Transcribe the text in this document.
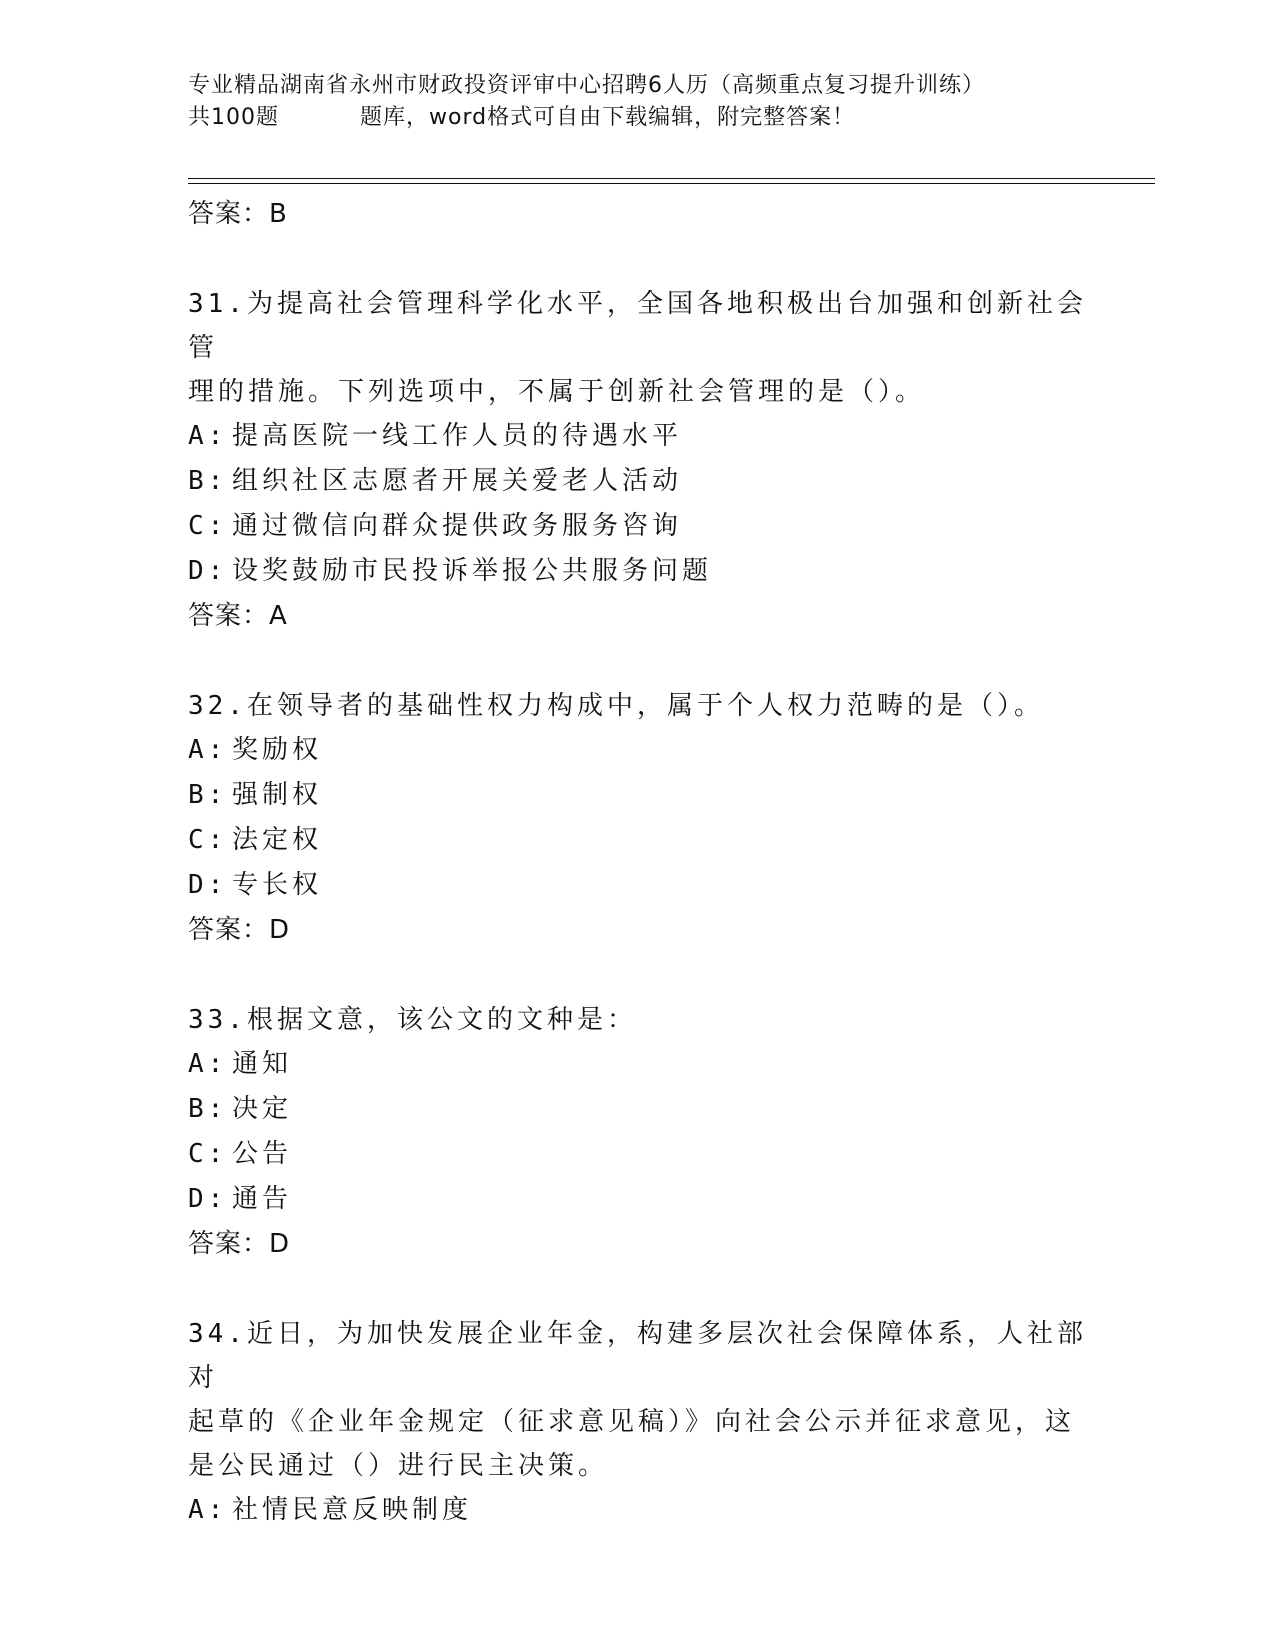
专业精品湖南省永州市财政投资评审中心招聘6人历（高频重点复习提升训练）
共100题	题库，word格式可自由下载编辑，附完整答案！
答案：B
31.为提高社会管理科学化水平，全国各地积极出台加强和创新社会管
理的措施。下列选项中，不属于创新社会管理的是（）。
A: 提高医院一线工作人员的待遇水平
B: 组织社区志愿者开展关爱老人活动
C: 通过微信向群众提供政务服务咨询
D: 设奖鼓励市民投诉举报公共服务问题
答案：A
32.在领导者的基础性权力构成中，属于个人权力范畴的是（）。
A: 奖励权
B: 强制权
C: 法定权
D: 专长权
答案：D
33.根据文意，该公文的文种是：
A: 通知
B: 决定
C: 公告
D: 通告
答案：D
34.近日，为加快发展企业年金，构建多层次社会保障体系，人社部对
起草的《企业年金规定（征求意见稿）》向社会公示并征求意见，这
是公民通过（）进行民主决策。
A: 社情民意反映制度
